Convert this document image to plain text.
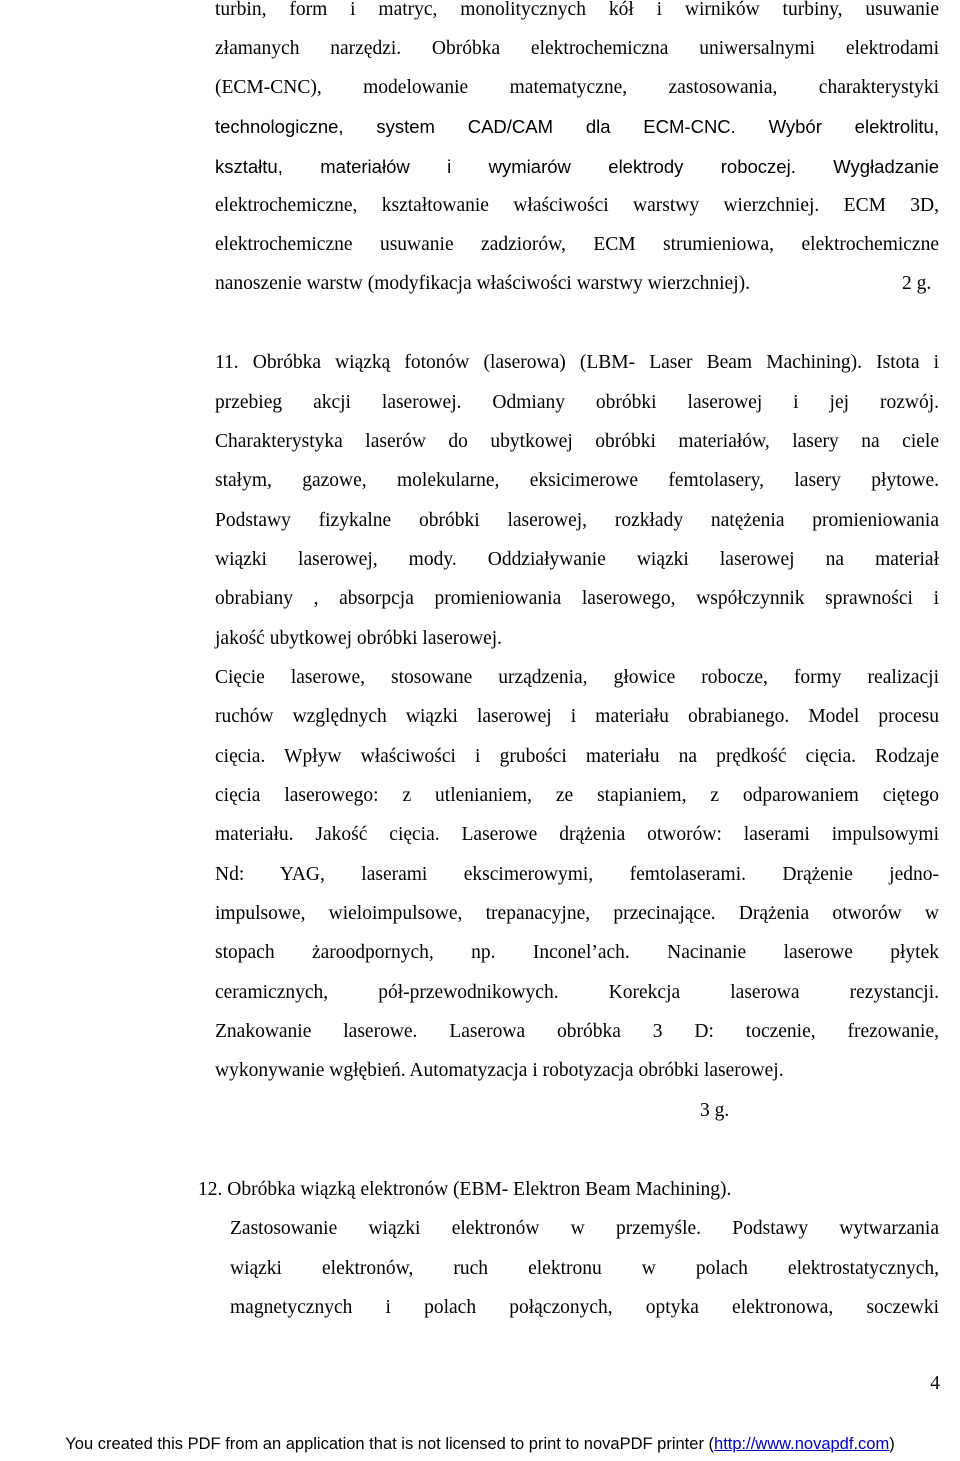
turbin, form i matryc, monolitycznych kół i wirników turbiny, usuwanie
złamanych narzędzi. Obróbka elektrochemiczna uniwersalnymi elektrodami
(ECM-CNC), modelowanie matematyczne, zastosowania, charakterystyki
technologiczne, system CAD/CAM dla ECM-CNC. Wybór elektrolitu,
kształtu, materiałów i wymiarów elektrody roboczej. Wygładzanie
elektrochemiczne, kształtowanie właściwości warstwy wierzchniej. ECM 3D,
elektrochemiczne usuwanie zadziorów, ECM strumieniowa, elektrochemiczne
nanoszenie warstw (modyfikacja właściwości warstwy wierzchniej).	2 g.
11. Obróbka wiązką fotonów (laserowa) (LBM- Laser Beam Machining). Istota i
przebieg akcji laserowej. Odmiany obróbki laserowej i jej rozwój.
Charakterystyka laserów do ubytkowej obróbki materiałów, lasery na ciele
stałym, gazowe, molekularne, eksicimerowe femtolasery, lasery płytowe.
Podstawy fizykalne obróbki laserowej, rozkłady natężenia promieniowania
wiązki laserowej, mody. Oddziaływanie wiązki laserowej na materiał
obrabiany , absorpcja promieniowania laserowego, współczynnik sprawności i
jakość ubytkowej obróbki laserowej.
Cięcie laserowe, stosowane urządzenia, głowice robocze, formy realizacji
ruchów względnych wiązki laserowej i materiału obrabianego. Model procesu
cięcia. Wpływ właściwości i grubości materiału na prędkość cięcia. Rodzaje
cięcia laserowego: z utlenianiem, ze stapianiem, z odparowaniem ciętego
materiału. Jakość cięcia. Laserowe drążenia otworów: laserami impulsowymi
Nd: YAG, laserami ekscimerowymi, femtolaserami. Drążenie jedno-
impulsowe, wieloimpulsowe, trepanacyjne, przecinające. Drążenia otworów w
stopach żaroodpornych, np. Inconel’ach. Nacinanie laserowe płytek
ceramicznych, pół-przewodnikowych. Korekcja laserowa rezystancji.
Znakowanie laserowe. Laserowa obróbka 3 D: toczenie, frezowanie,
wykonywanie wgłębień. Automatyzacja i robotyzacja obróbki laserowej.
3 g.
12. Obróbka wiązką elektronów (EBM- Elektron Beam Machining).
Zastosowanie wiązki elektronów w przemyśle. Podstawy wytwarzania
wiązki elektronów, ruch elektronu w polach elektrostatycznych,
magnetycznych i polach połączonych, optyka elektronowa, soczewki
4
You created this PDF from an application that is not licensed to print to novaPDF printer (http://www.novapdf.com)
